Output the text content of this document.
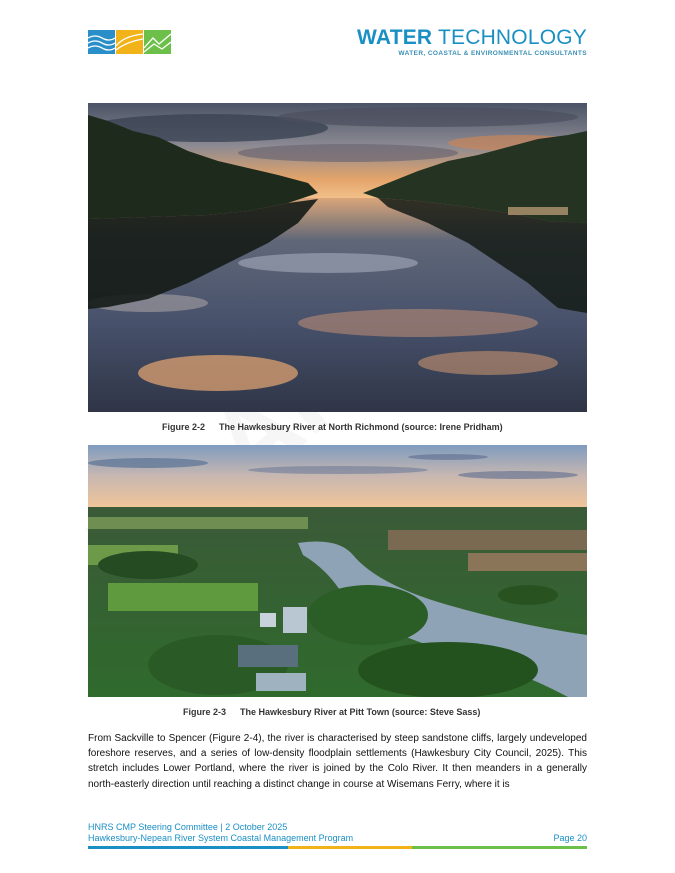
WATER TECHNOLOGY
WATER, COASTAL & ENVIRONMENTAL CONSULTANTS
Figure 2-2 The Hawkesbury River at North Richmond (source: Irene Pridham)
Figure 2-3 The Hawkesbury River at Pitt Town (source: Steve Sass)
From Sackville to Spencer (Figure 2-4), the river is characterised by steep sandstone cliffs, largely undeveloped foreshore reserves, and a series of low-density floodplain settlements (Hawkesbury City Council, 2025). This stretch includes Lower Portland, where the river is joined by the Colo River. It then meanders in a generally north-easterly direction until reaching a distinct change in course at Wisemans Ferry, where it is
HNRS CMP Steering Committee | 2 October 2025
Hawkesbury-Nepean River System Coastal Management Program	Page 20
